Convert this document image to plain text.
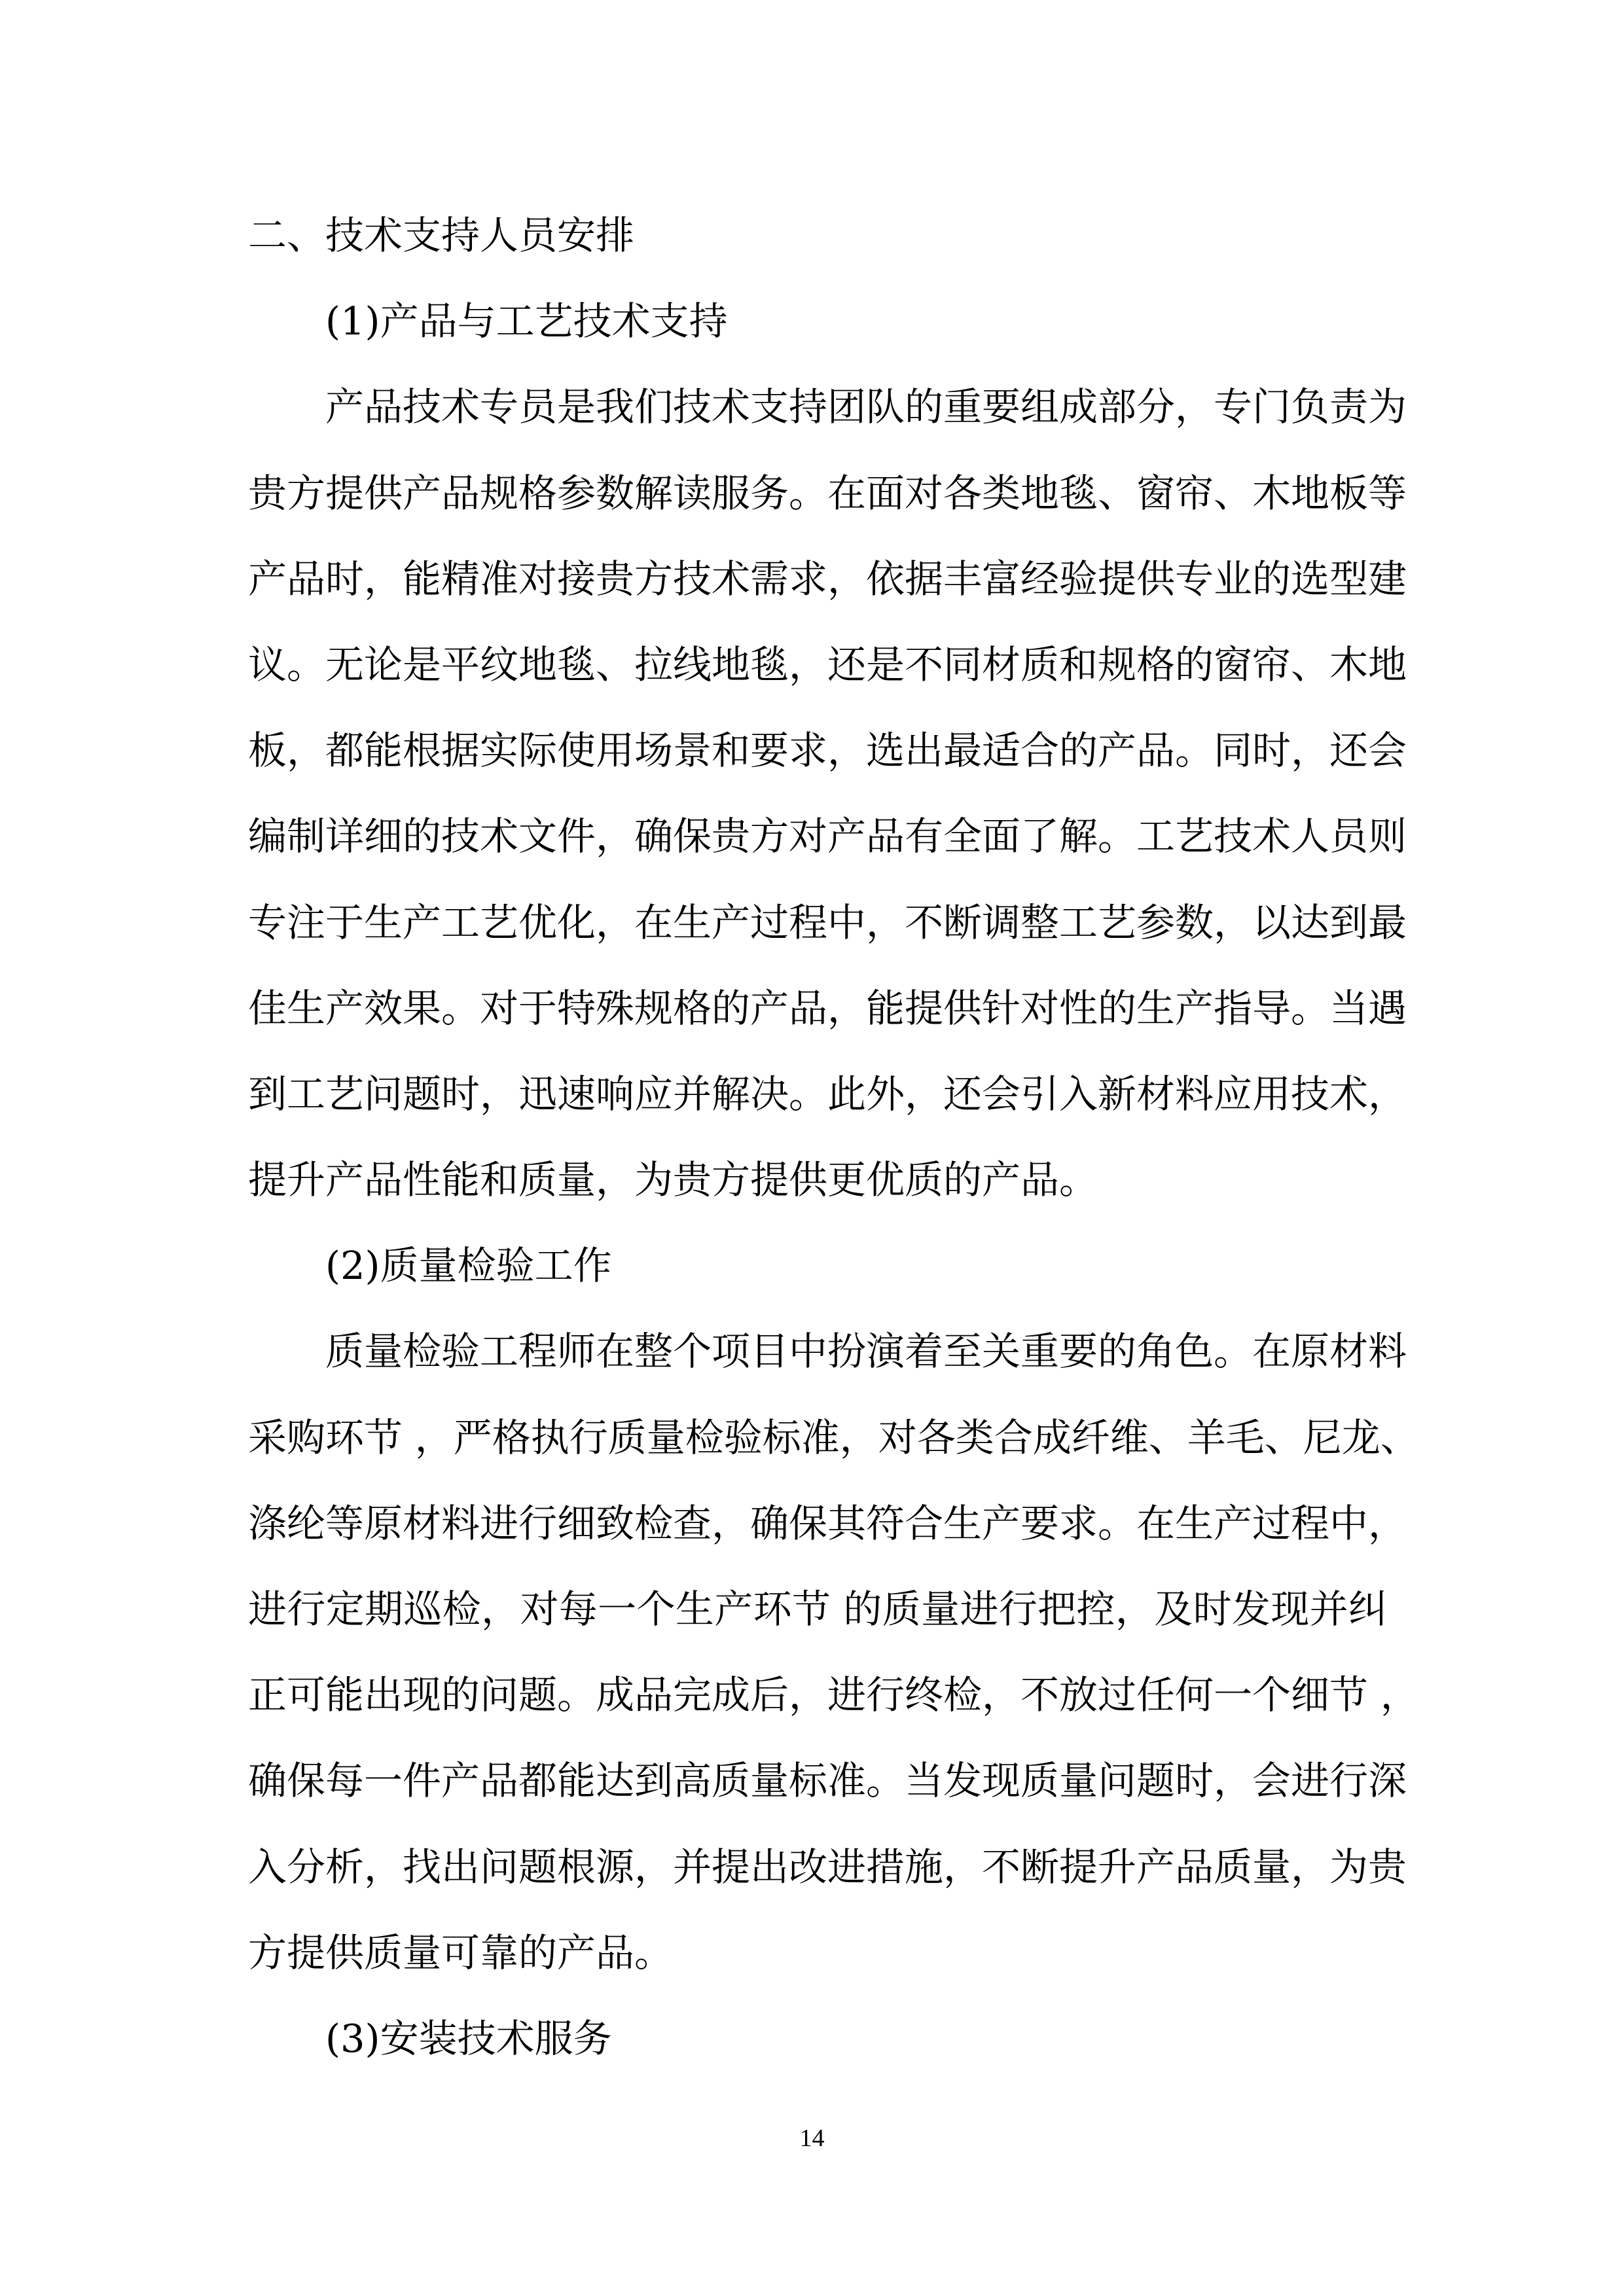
二、技术支持人员安排
(1)产品与工艺技术支持
产品技术专员是我们技术支持团队的重要组成部分，专门负责为
贵方提供产品规格参数解读服务。在面对各类地毯、窗帘、木地板等
产品时，能精准对接贵方技术需求，依据丰富经验提供专业的选型建
议。无论是平纹地毯、拉线地毯，还是不同材质和规格的窗帘、木地
板，都能根据实际使用场景和要求，选出最适合的产品。同时，还会
编制详细的技术文件，确保贵方对产品有全面了解。工艺技术人员则
专注于生产工艺优化，在生产过程中，不断调整工艺参数，以达到最
佳生产效果。对于特殊规格的产品，能提供针对性的生产指导。当遇
到工艺问题时，迅速响应并解决。此外，还会引入新材料应用技术，
提升产品性能和质量，为贵方提供更优质的产品。
(2)质量检验工作
质量检验工程师在整个项目中扮演着至关重要的角色。在原材料
采购环节 ，严格执行质量检验标准，对各类合成纤维、羊毛、尼龙、
涤纶等原材料进行细致检查，确保其符合生产要求。在生产过程中，
进行定期巡检，对每一个生产环节 的质量进行把控，及时发现并纠
正可能出现的问题。成品完成后，进行终检，不放过任何一个细节 ，
确保每一件产品都能达到高质量标准。当发现质量问题时，会进行深
入分析，找出问题根源，并提出改进措施，不断提升产品质量，为贵
方提供质量可靠的产品。
(3)安装技术服务
14
